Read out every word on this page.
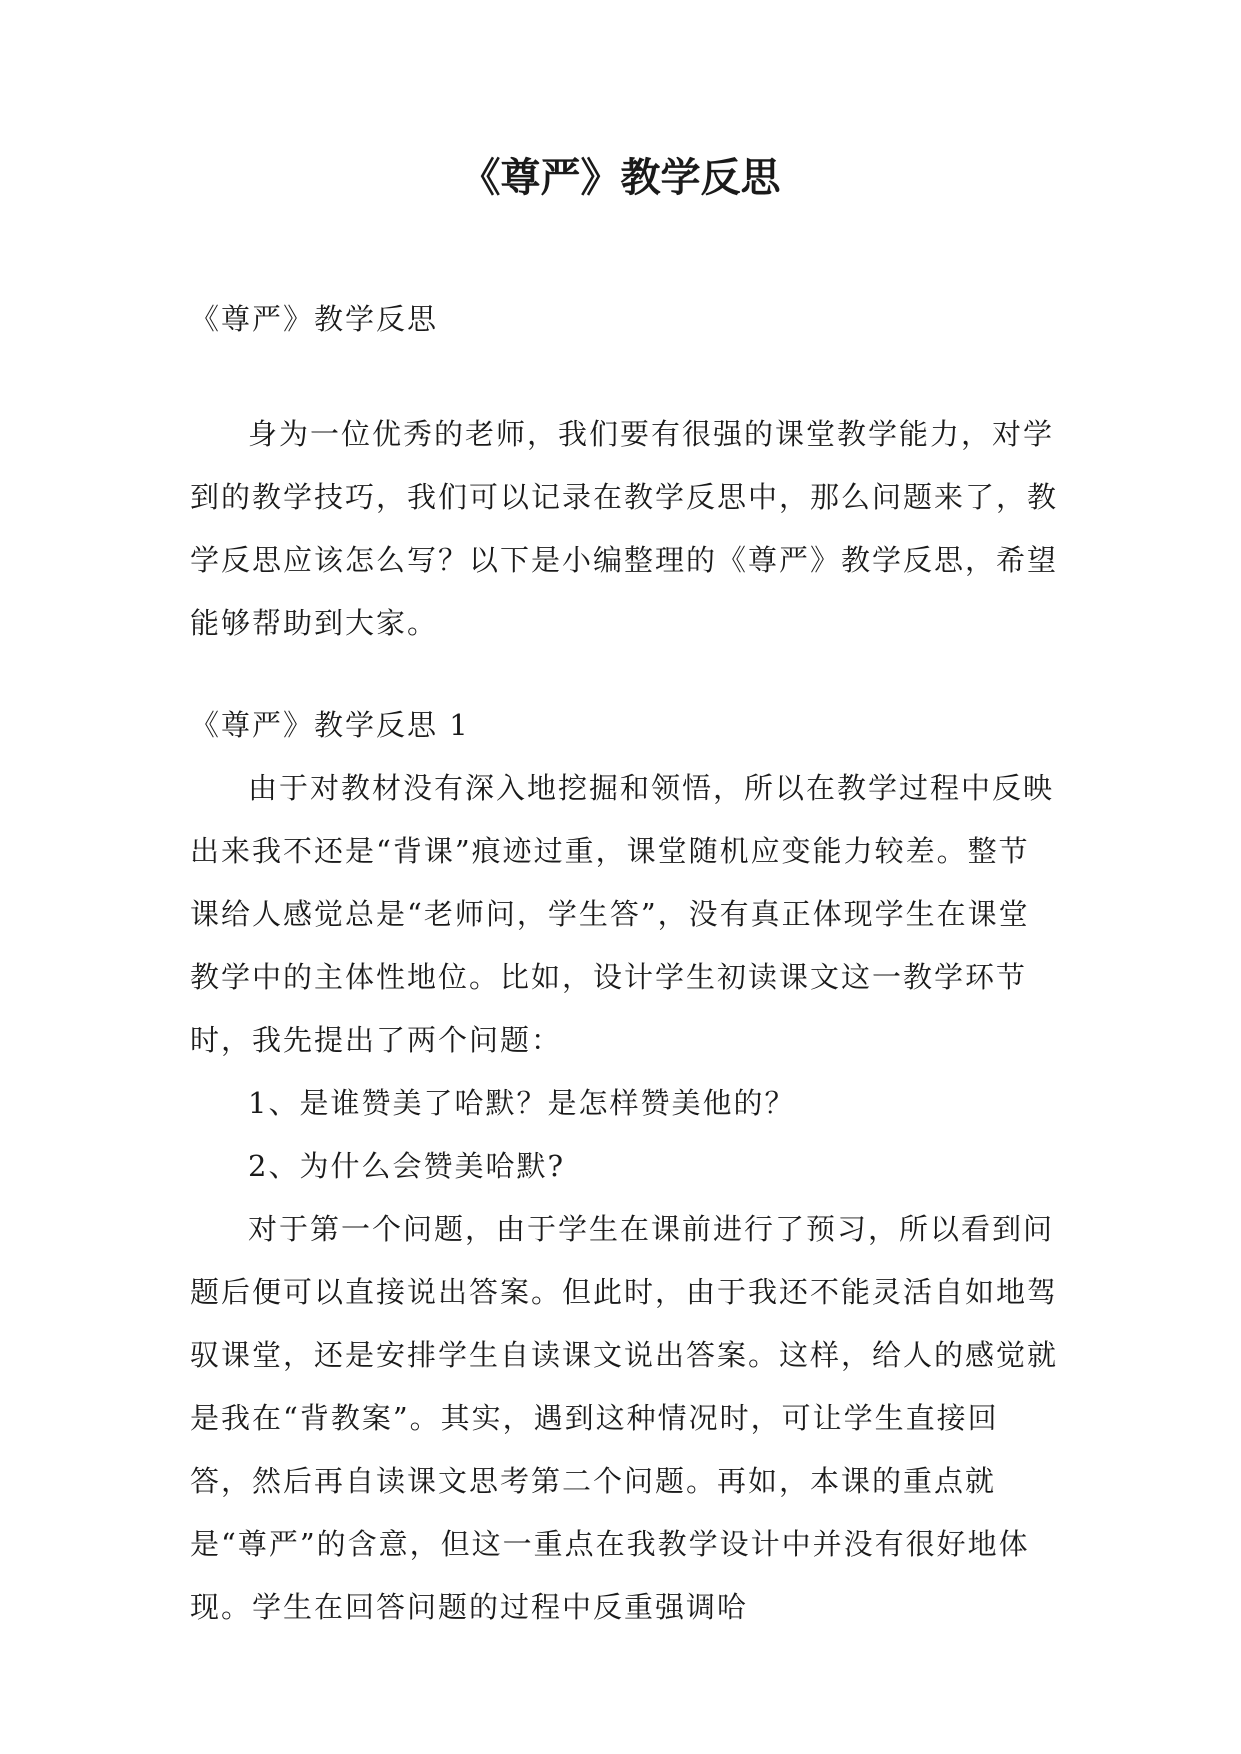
《尊严》教学反思

《尊严》教学反思

身为一位优秀的老师，我们要有很强的课堂教学能力，对学到的教学技巧，我们可以记录在教学反思中，那么问题来了，教学反思应该怎么写？以下是小编整理的《尊严》教学反思，希望能够帮助到大家。

《尊严》教学反思 1

由于对教材没有深入地挖掘和领悟，所以在教学过程中反映出来我不还是“背课”痕迹过重，课堂随机应变能力较差。整节课给人感觉总是“老师问，学生答”，没有真正体现学生在课堂教学中的主体性地位。比如，设计学生初读课文这一教学环节时，我先提出了两个问题：

1、是谁赞美了哈默？是怎样赞美他的？

2、为什么会赞美哈默?

对于第一个问题，由于学生在课前进行了预习，所以看到问题后便可以直接说出答案。但此时，由于我还不能灵活自如地驾驭课堂，还是安排学生自读课文说出答案。这样，给人的感觉就是我在“背教案”。其实，遇到这种情况时，可让学生直接回答，然后再自读课文思考第二个问题。再如，本课的重点就是“尊严”的含意，但这一重点在我教学设计中并没有很好地体现。学生在回答问题的过程中反重强调哈
